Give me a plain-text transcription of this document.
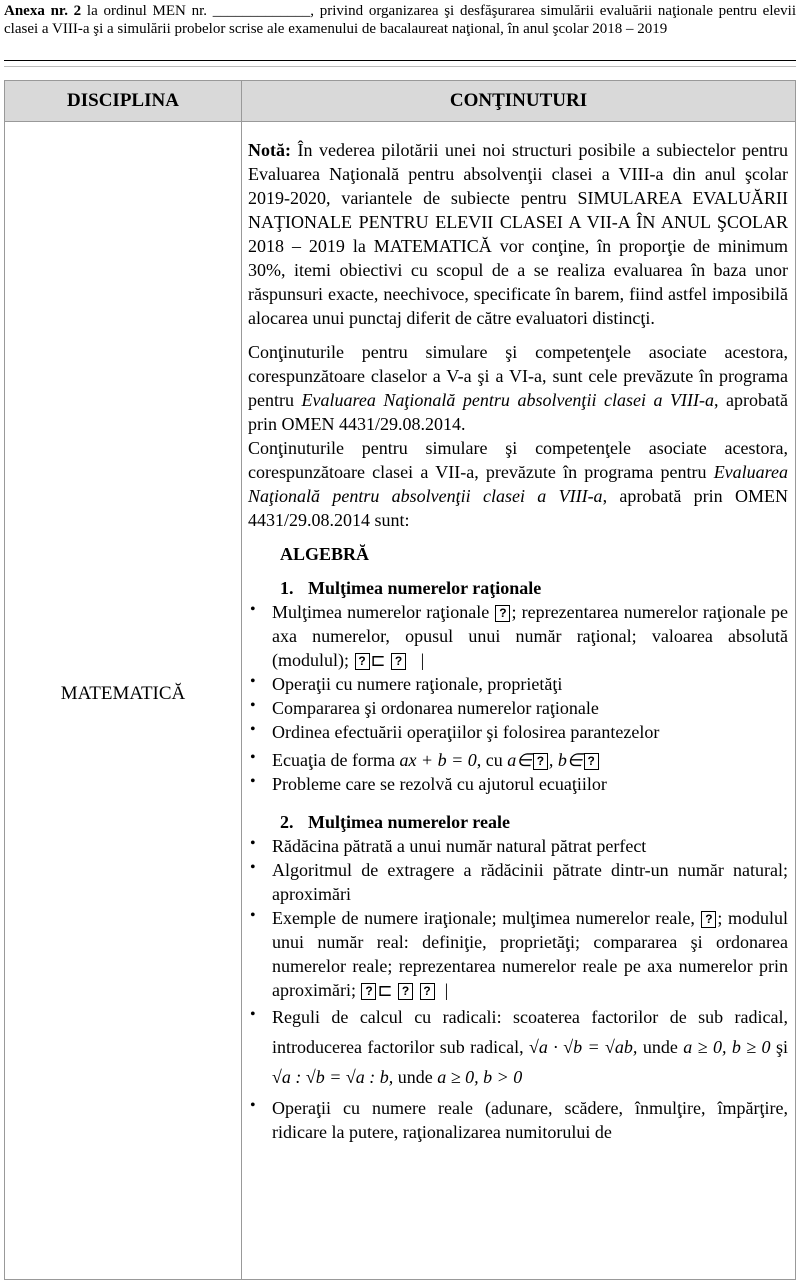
Anexa nr. 2 la ordinul MEN nr. _____________, privind organizarea şi desfăşurarea simulării evaluării naţionale pentru elevii clasei a VIII-a şi a simulării probelor scrise ale examenului de bacalaureat naţional, în anul şcolar 2018 – 2019
DISCIPLINA	CONŢINUTURI
MATEMATICĂ

Notă: În vederea pilotării unei noi structuri posibile a subiectelor pentru Evaluarea Naţională pentru absolvenţii clasei a VIII-a din anul şcolar 2019-2020, variantele de subiecte pentru SIMULAREA EVALUĂRII NAŢIONALE PENTRU ELEVII CLASEI A VII-A ÎN ANUL ŞCOLAR 2018 – 2019 la MATEMATICĂ vor conţine, în proporţie de minimum 30%, itemi obiectivi cu scopul de a se realiza evaluarea în baza unor răspunsuri exacte, neechivoce, specificate în barem, fiind astfel imposibilă alocarea unui punctaj diferit de către evaluatori distincţi.

Conţinuturile pentru simulare şi competenţele asociate acestora, corespunzătoare claselor a V-a şi a VI-a, sunt cele prevăzute în programa pentru Evaluarea Naţională pentru absolvenţii clasei a VIII-a, aprobată prin OMEN 4431/29.08.2014.

Conţinuturile pentru simulare şi competenţele asociate acestora, corespunzătoare clasei a VII-a, prevăzute în programa pentru Evaluarea Naţională pentru absolvenţii clasei a VIII-a, aprobată prin OMEN 4431/29.08.2014 sunt:

ALGEBRĂ
1. Mulţimea numerelor raţionale
• Mulţimea numerelor raţionale ? ; reprezentarea numerelor raţionale pe axa numerelor, opusul unui număr raţional; valoarea absolută (modulul); ? ⊏ ?   |
• Operaţii cu numere raţionale, proprietăţi
• Compararea şi ordonarea numerelor raţionale
• Ordinea efectuării operaţiilor şi folosirea parantezelor
• Ecuaţia de forma ax + b = 0, cu a∈ ? , b∈ ?
• Probleme care se rezolvă cu ajutorul ecuaţiilor
2. Mulţimea numerelor reale
• Rădăcina pătrată a unui număr natural pătrat perfect
• Algoritmul de extragere a rădăcinii pătrate dintr-un număr natural; aproximări
• Exemple de numere iraţionale; mulţimea numerelor reale, ? ; modulul unui număr real: definiţie, proprietăţi; compararea şi ordonarea numerelor reale; reprezentarea numerelor reale pe axa numerelor prin aproximări; ? ⊏ ? ?  |
• Reguli de calcul cu radicali: scoaterea factorilor de sub radical, introducerea factorilor sub radical, √a · √b = √ab, unde a ≥ 0, b ≥ 0 şi √a : √b = √a : b, unde a ≥ 0, b > 0
• Operaţii cu numere reale (adunare, scădere, înmulţire, împărţire, ridicare la putere, raţionalizarea numitorului de
